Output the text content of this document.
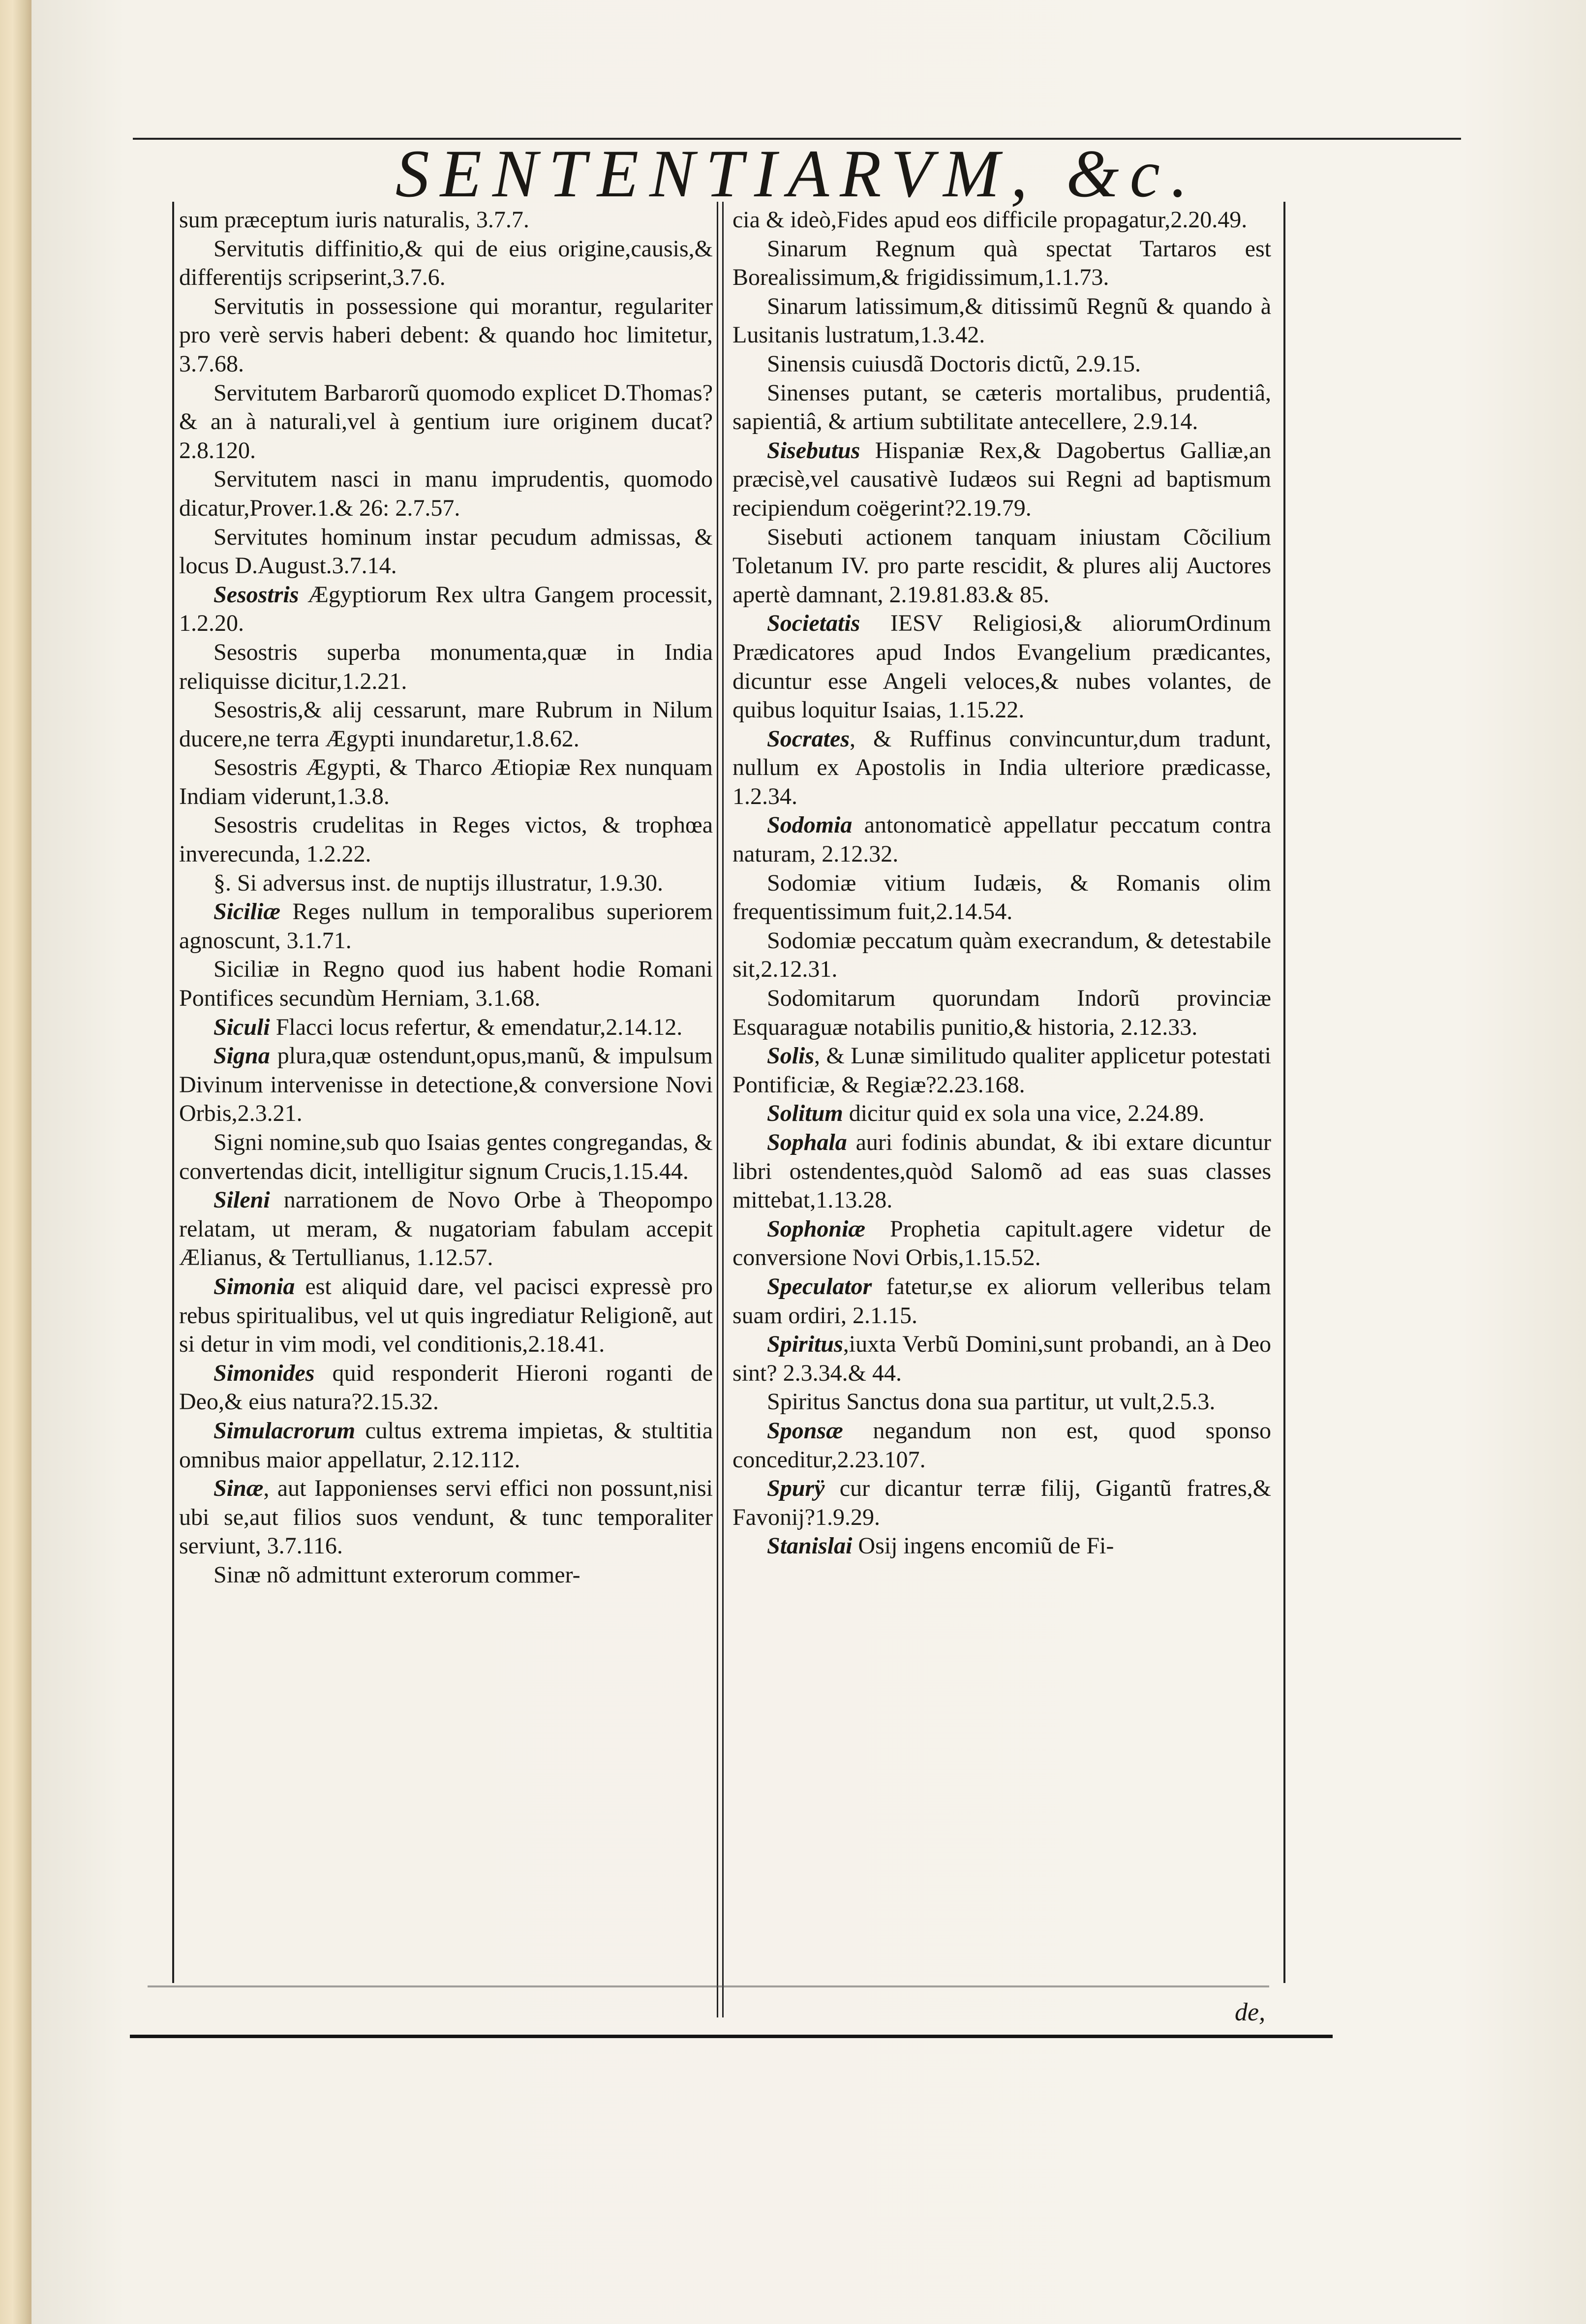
SENTENTIARVM, &c.
sum præceptum iuris naturalis, 3.7.7.
Servitutis diffinitio,& qui de eius origine,causis,& differentijs scripserint,3.7.6.
Servitutis in possessione qui morantur, regulariter pro verè servis haberi debent: & quando hoc limitetur, 3.7.68.
Servitutem Barbarorũ quomodo explicet D.Thomas? & an à naturali,vel à gentium iure originem ducat? 2.8.120.
Servitutem nasci in manu imprudentis, quomodo dicatur,Prover.1.& 26: 2.7.57.
Servitutes hominum instar pecudum admissas, & locus D.August.3.7.14.
Sesostris Ægyptiorum Rex ultra Gangem processit, 1.2.20.
Sesostris superba monumenta,quæ in India reliquisse dicitur,1.2.21.
Sesostris,& alij cessarunt, mare Rubrum in Nilum ducere,ne terra Ægypti inundaretur,1.8.62.
Sesostris Ægypti, & Tharco Ætiopiæ Rex nunquam Indiam viderunt,1.3.8.
Sesostris crudelitas in Reges victos, & trophœa inverecunda, 1.2.22.
§. Si adversus inst. de nuptijs illustratur, 1.9.30.
Siciliæ Reges nullum in temporalibus superiorem agnoscunt, 3.1.71.
Siciliæ in Regno quod ius habent hodie Romani Pontifices secundùm Herniam, 3.1.68.
Siculi Flacci locus refertur, & emendatur,2.14.12.
Signa plura,quæ ostendunt,opus,manũ, & impulsum Divinum intervenisse in detectione,& conversione Novi Orbis,2.3.21.
Signi nomine,sub quo Isaias gentes congregandas, & convertendas dicit, intelligitur signum Crucis,1.15.44.
Sileni narrationem de Novo Orbe à Theopompo relatam, ut meram, & nugatoriam fabulam accepit Ælianus, & Tertullianus, 1.12.57.
Simonia est aliquid dare, vel pacisci expressè pro rebus spiritualibus, vel ut quis ingrediatur Religionẽ, aut si detur in vim modi, vel conditionis,2.18.41.
Simonides quid responderit Hieroni roganti de Deo,& eius natura?2.15.32.
Simulacrorum cultus extrema impietas, & stultitia omnibus maior appellatur, 2.12.112.
Sinæ, aut Iapponienses servi effici non possunt,nisi ubi se,aut filios suos vendunt, & tunc temporaliter serviunt, 3.7.116.
Sinæ nõ admittunt exterorum commer-
cia & ideò,Fides apud eos difficile propagatur,2.20.49.
Sinarum Regnum quà spectat Tartaros est Borealissimum,& frigidissimum,1.1.73.
Sinarum latissimum,& ditissimũ Regnũ & quando à Lusitanis lustratum,1.3.42.
Sinensis cuiusdã Doctoris dictũ, 2.9.15.
Sinenses putant, se cæteris mortalibus, prudentiâ, sapientiâ, & artium subtilitate antecellere, 2.9.14.
Sisebutus Hispaniæ Rex,& Dagobertus Galliæ,an præcisè,vel causativè Iudæos sui Regni ad baptismum recipiendum coëgerint?2.19.79.
Sisebuti actionem tanquam iniustam Cõcilium Toletanum IV. pro parte rescidit, & plures alij Auctores apertè damnant, 2.19.81.83.& 85.
Societatis IESV Religiosi,& aliorumOrdinum Prædicatores apud Indos Evangelium prædicantes, dicuntur esse Angeli veloces,& nubes volantes, de quibus loquitur Isaias, 1.15.22.
Socrates, & Ruffinus convincuntur,dum tradunt, nullum ex Apostolis in India ulteriore prædicasse, 1.2.34.
Sodomia antonomaticè appellatur peccatum contra naturam, 2.12.32.
Sodomiæ vitium Iudæis, & Romanis olim frequentissimum fuit,2.14.54.
Sodomiæ peccatum quàm execrandum, & detestabile sit,2.12.31.
Sodomitarum quorundam Indorũ provinciæ Esquaraguæ notabilis punitio,& historia, 2.12.33.
Solis, & Lunæ similitudo qualiter applicetur potestati Pontificiæ, & Regiæ?2.23.168.
Solitum dicitur quid ex sola una vice, 2.24.89.
Sophala auri fodinis abundat, & ibi extare dicuntur libri ostendentes,quòd Salomõ ad eas suas classes mittebat,1.13.28.
Sophoniæ Prophetia capitult.agere videtur de conversione Novi Orbis,1.15.52.
Speculator fatetur,se ex aliorum velleribus telam suam ordiri, 2.1.15.
Spiritus,iuxta Verbũ Domini,sunt probandi, an à Deo sint? 2.3.34.& 44.
Spiritus Sanctus dona sua partitur, ut vult,2.5.3.
Sponsæ negandum non est, quod sponso conceditur,2.23.107.
Spurÿ cur dicantur terræ filij, Gigantũ fratres,& Favonij?1.9.29.
Stanislai Osij ingens encomiũ de Fi-
de,
